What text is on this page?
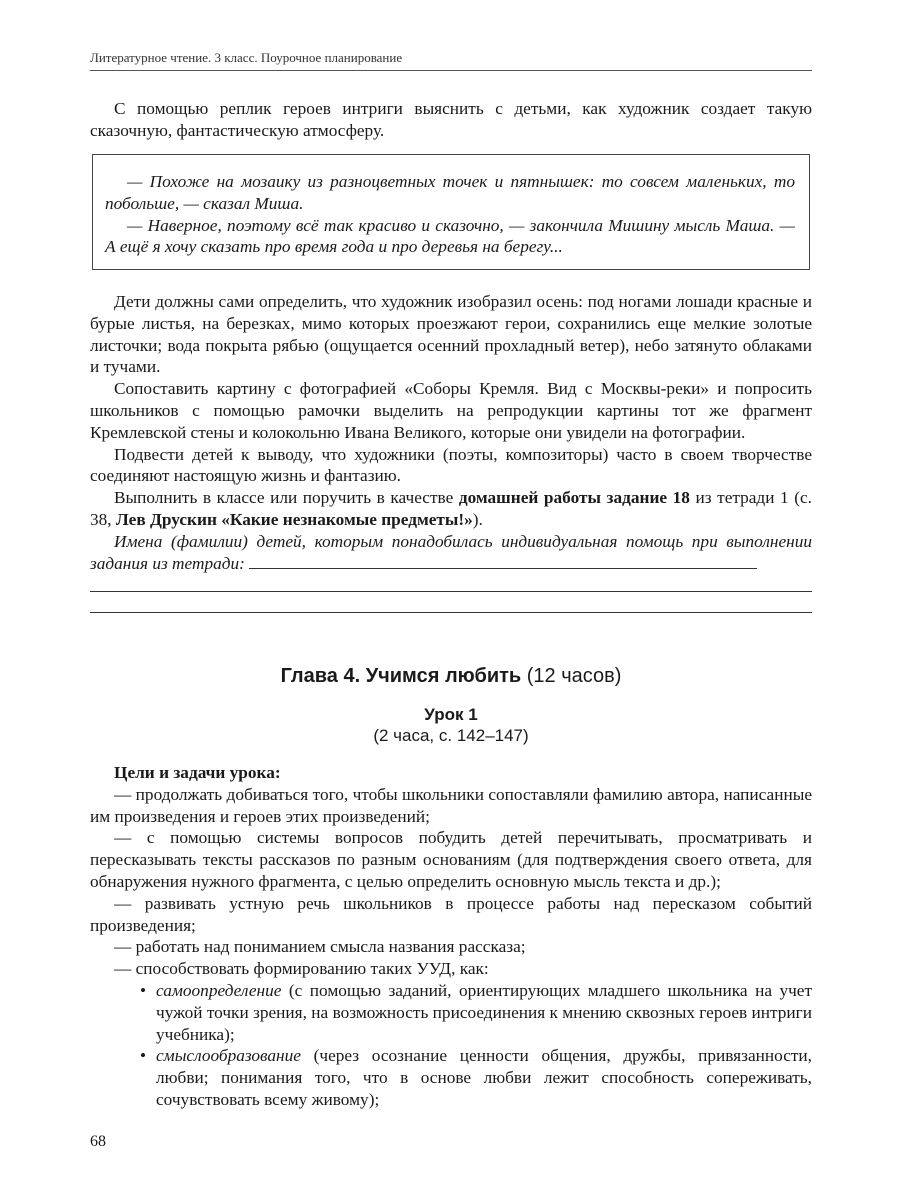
Литературное чтение. 3 класс. Поурочное планирование

С помощью реплик героев интриги выяснить с детьми, как художник создает такую сказочную, фантастическую атмосферу.

— Похоже на мозаику из разноцветных точек и пятнышек: то совсем маленьких, то побольше, — сказал Миша.

— Наверное, поэтому всё так красиво и сказочно, — закончила Мишину мысль Маша. — А ещё я хочу сказать про время года и про деревья на берегу...

Дети должны сами определить, что художник изобразил осень: под ногами лошади красные и бурые листья, на березках, мимо которых проезжают герои, сохранились еще мелкие золотые листочки; вода покрыта рябью (ощущается осенний прохладный ветер), небо затянуто облаками и тучами.

Сопоставить картину с фотографией «Соборы Кремля. Вид с Москвы-реки» и попросить школьников с помощью рамочки выделить на репродукции картины тот же фрагмент Кремлевской стены и колокольню Ивана Великого, которые они увидели на фотографии.

Подвести детей к выводу, что художники (поэты, композиторы) часто в своем творчестве соединяют настоящую жизнь и фантазию.

Выполнить в классе или поручить в качестве домашней работы задание 18 из тетради 1 (с. 38, Лев Друскин «Какие незнакомые предметы!»).

Имена (фамилии) детей, которым понадобилась индивидуальная помощь при выполнении задания из тетради:

Глава 4. Учимся любить (12 часов)
Урок 1
(2 часа, с. 142–147)

Цели и задачи урока:

— продолжать добиваться того, чтобы школьники сопоставляли фамилию автора, написанные им произведения и героев этих произведений;

— с помощью системы вопросов побудить детей перечитывать, просматривать и пересказывать тексты рассказов по разным основаниям (для подтверждения своего ответа, для обнаружения нужного фрагмента, с целью определить основную мысль текста и др.);

— развивать устную речь школьников в процессе работы над пересказом событий произведения;

— работать над пониманием смысла названия рассказа;

— способствовать формированию таких УУД, как:

• самоопределение (с помощью заданий, ориентирующих младшего школьника на учет чужой точки зрения, на возможность присоединения к мнению сквозных героев интриги учебника);

• смыслообразование (через осознание ценности общения, дружбы, привязанности, любви; понимания того, что в основе любви лежит способность сопереживать, сочувствовать всему живому);

68
